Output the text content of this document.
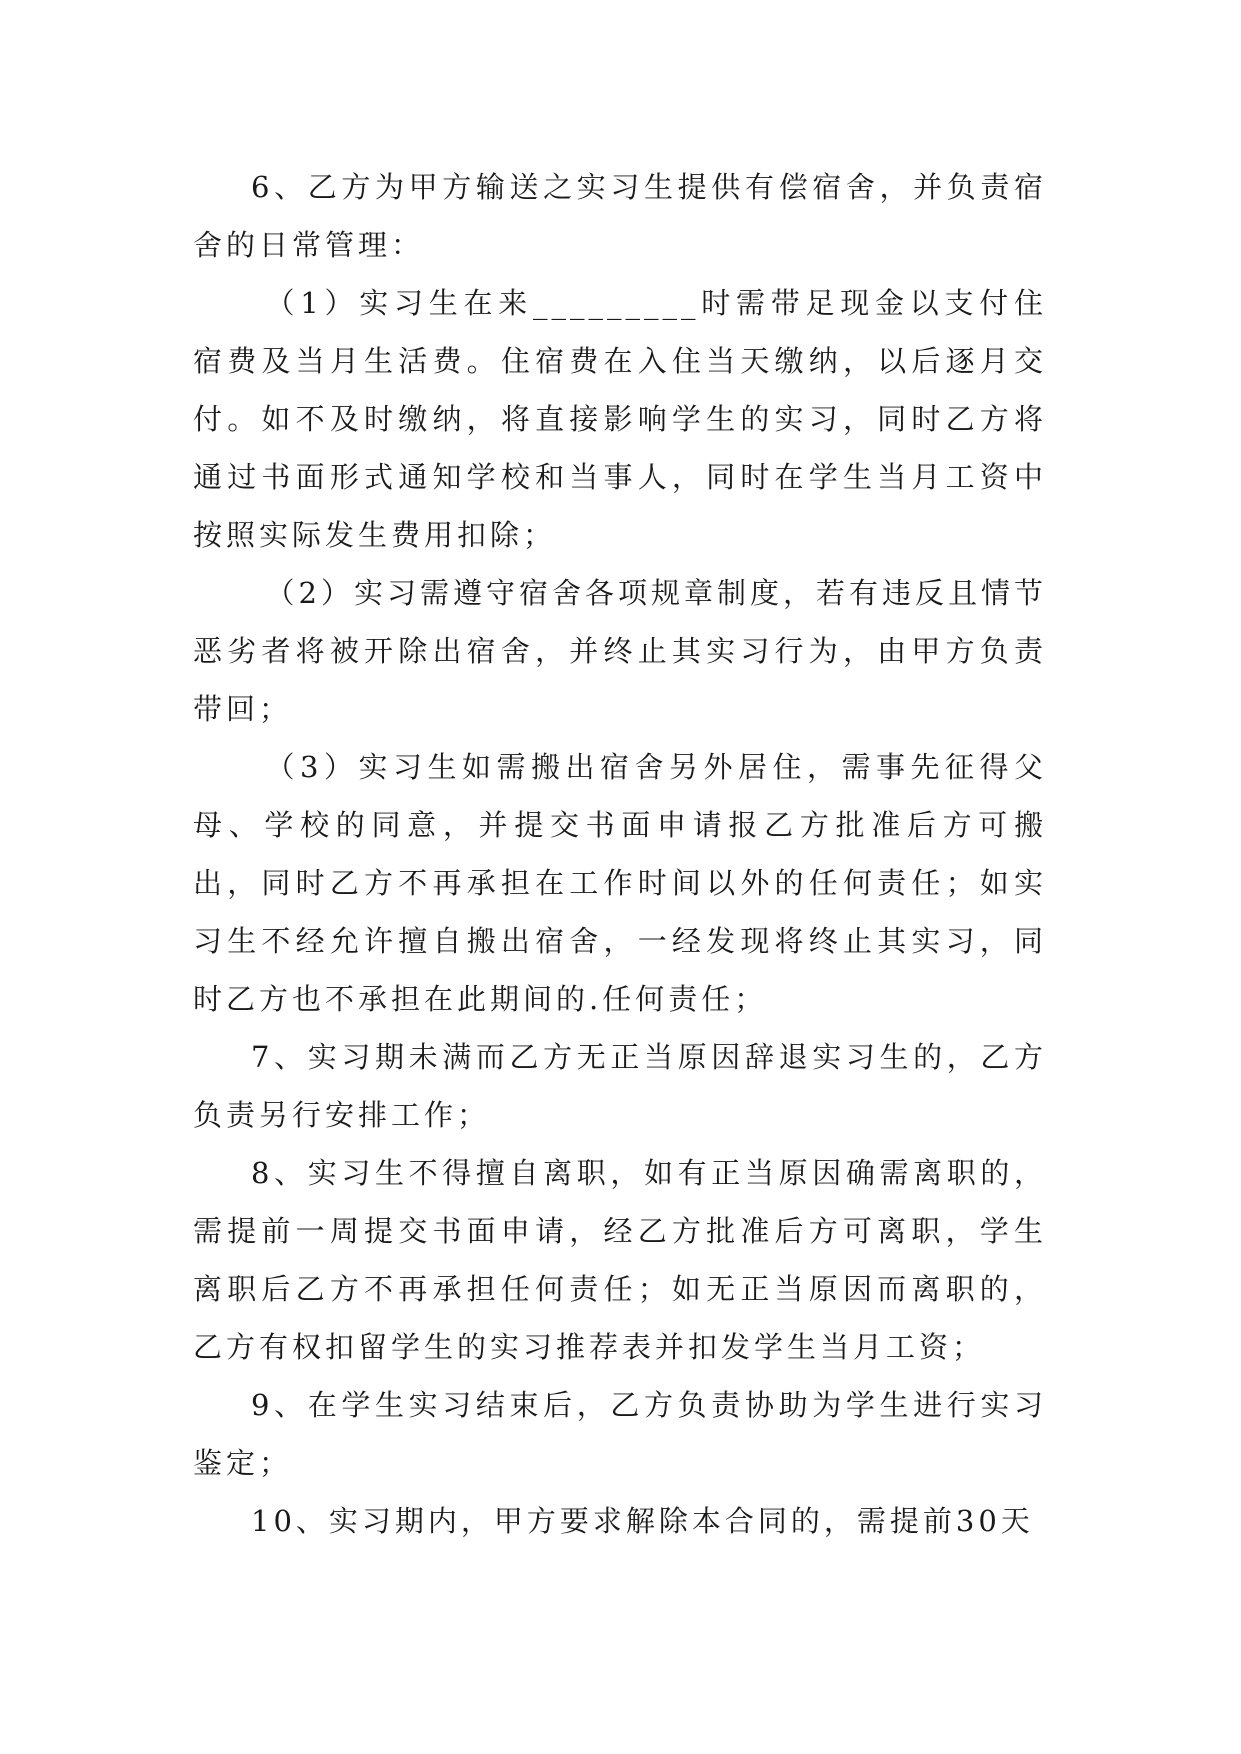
6、乙方为甲方输送之实习生提供有偿宿舍，并负责宿舍的日常管理：

（1）实习生在来_________时需带足现金以支付住宿费及当月生活费。住宿费在入住当天缴纳，以后逐月交付。如不及时缴纳，将直接影响学生的实习，同时乙方将通过书面形式通知学校和当事人，同时在学生当月工资中按照实际发生费用扣除；

（2）实习需遵守宿舍各项规章制度，若有违反且情节恶劣者将被开除出宿舍，并终止其实习行为，由甲方负责带回；

（3）实习生如需搬出宿舍另外居住，需事先征得父母、学校的同意，并提交书面申请报乙方批准后方可搬出，同时乙方不再承担在工作时间以外的任何责任；如实习生不经允许擅自搬出宿舍，一经发现将终止其实习，同时乙方也不承担在此期间的.任何责任；

7、实习期未满而乙方无正当原因辞退实习生的，乙方负责另行安排工作；

8、实习生不得擅自离职，如有正当原因确需离职的，需提前一周提交书面申请，经乙方批准后方可离职，学生离职后乙方不再承担任何责任；如无正当原因而离职的，乙方有权扣留学生的实习推荐表并扣发学生当月工资；

9、在学生实习结束后，乙方负责协助为学生进行实习鉴定；

10、实习期内，甲方要求解除本合同的，需提前30天
